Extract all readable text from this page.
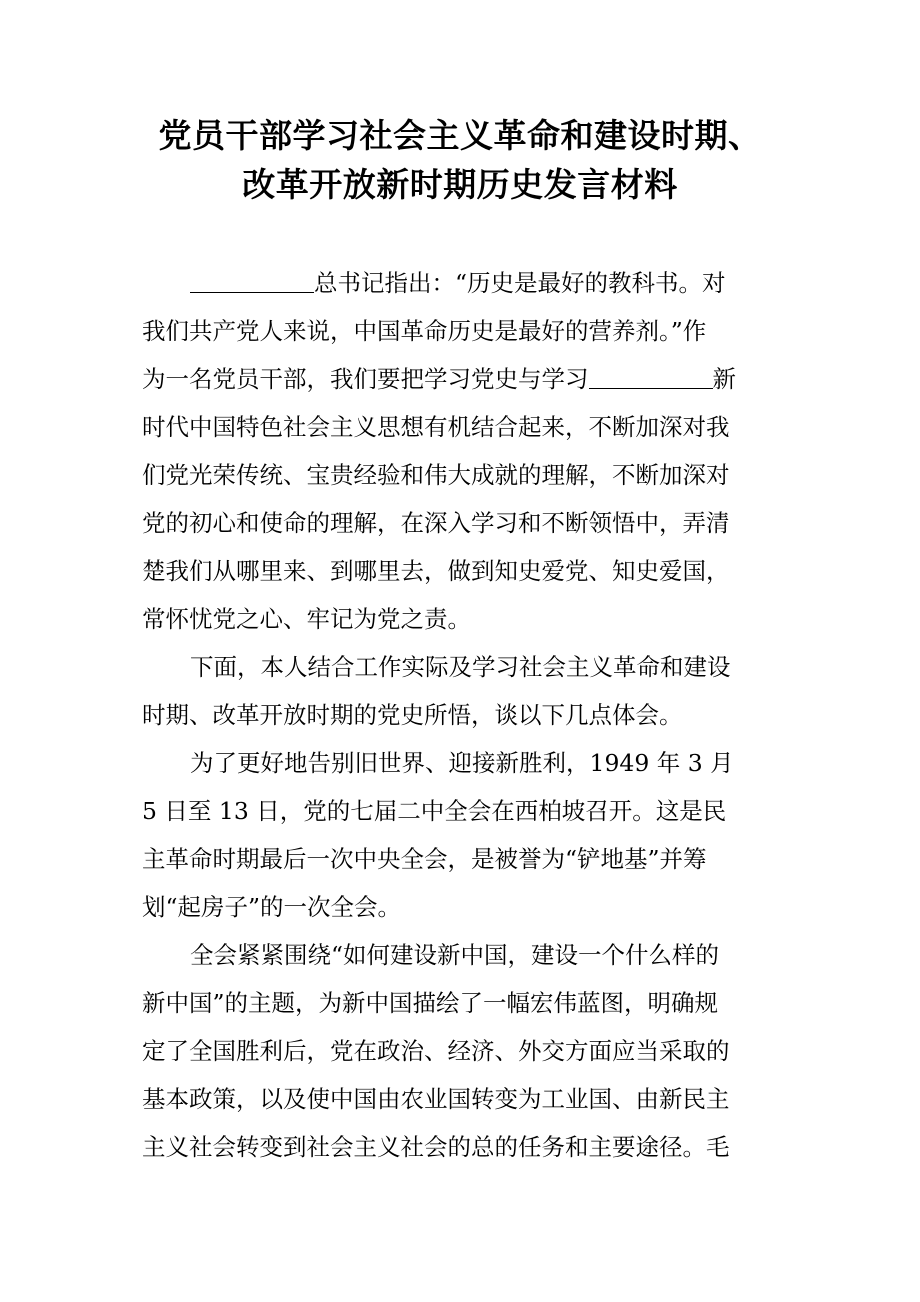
党员干部学习社会主义革命和建设时期、
改革开放新时期历史发言材料
总书记指出：“历史是最好的教科书。对
我们共产党人来说，中国革命历史是最好的营养剂。”作
为一名党员干部，我们要把学习党史与学习	新
时代中国特色社会主义思想有机结合起来，不断加深对我
们党光荣传统、宝贵经验和伟大成就的理解，不断加深对
党的初心和使命的理解，在深入学习和不断领悟中，弄清
楚我们从哪里来、到哪里去，做到知史爱党、知史爱国，
常怀忧党之心、牢记为党之责。
下面，本人结合工作实际及学习社会主义革命和建设
时期、改革开放时期的党史所悟，谈以下几点体会。
为了更好地告别旧世界、迎接新胜利，1949 年 3 月
5 日至 13 日，党的七届二中全会在西柏坡召开。这是民
主革命时期最后一次中央全会，是被誉为“铲地基”并筹
划“起房子”的一次全会。
全会紧紧围绕“如何建设新中国，建设一个什么样的
新中国”的主题，为新中国描绘了一幅宏伟蓝图，明确规
定了全国胜利后，党在政治、经济、外交方面应当采取的
基本政策，以及使中国由农业国转变为工业国、由新民主
主义社会转变到社会主义社会的总的任务和主要途径。毛
